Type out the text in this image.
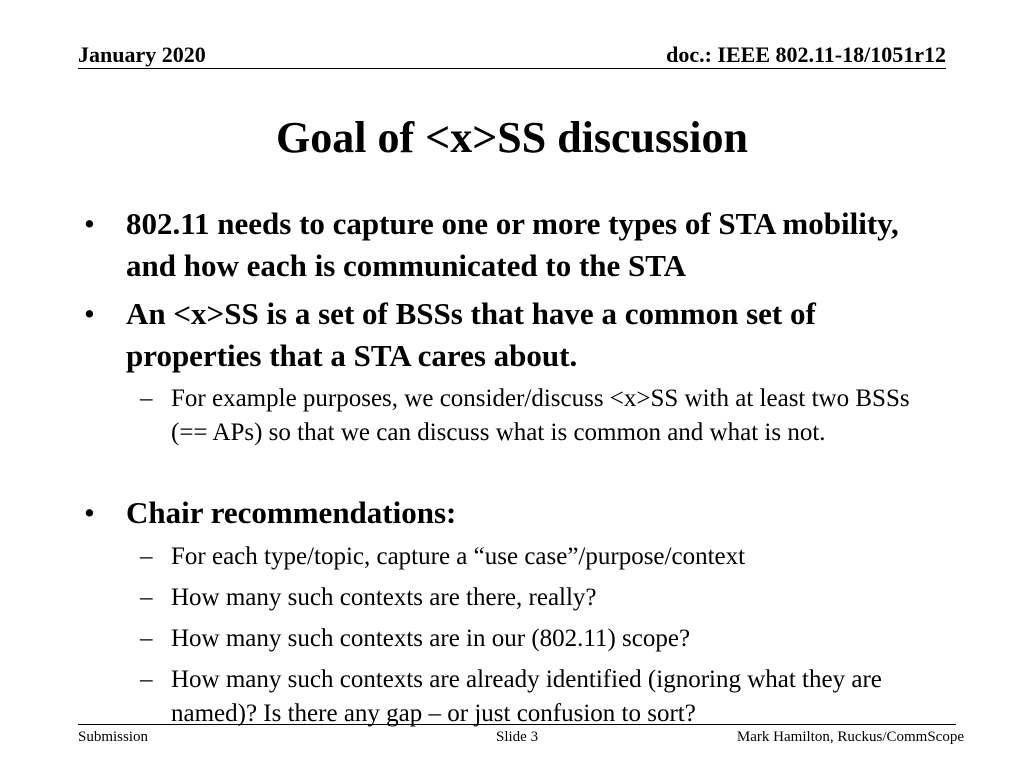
January 2020	doc.: IEEE 802.11-18/1051r12
Goal of <x>SS discussion
• 802.11 needs to capture one or more types of STA mobility, and how each is communicated to the STA
• An <x>SS is a set of BSSs that have a common set of properties that a STA cares about.
– For example purposes, we consider/discuss <x>SS with at least two BSSs (== APs) so that we can discuss what is common and what is not.
• Chair recommendations:
– For each type/topic, capture a “use case”/purpose/context
– How many such contexts are there, really?
– How many such contexts are in our (802.11) scope?
– How many such contexts are already identified (ignoring what they are named)? Is there any gap – or just confusion to sort?
Submission	Slide 3	Mark Hamilton, Ruckus/CommScope
